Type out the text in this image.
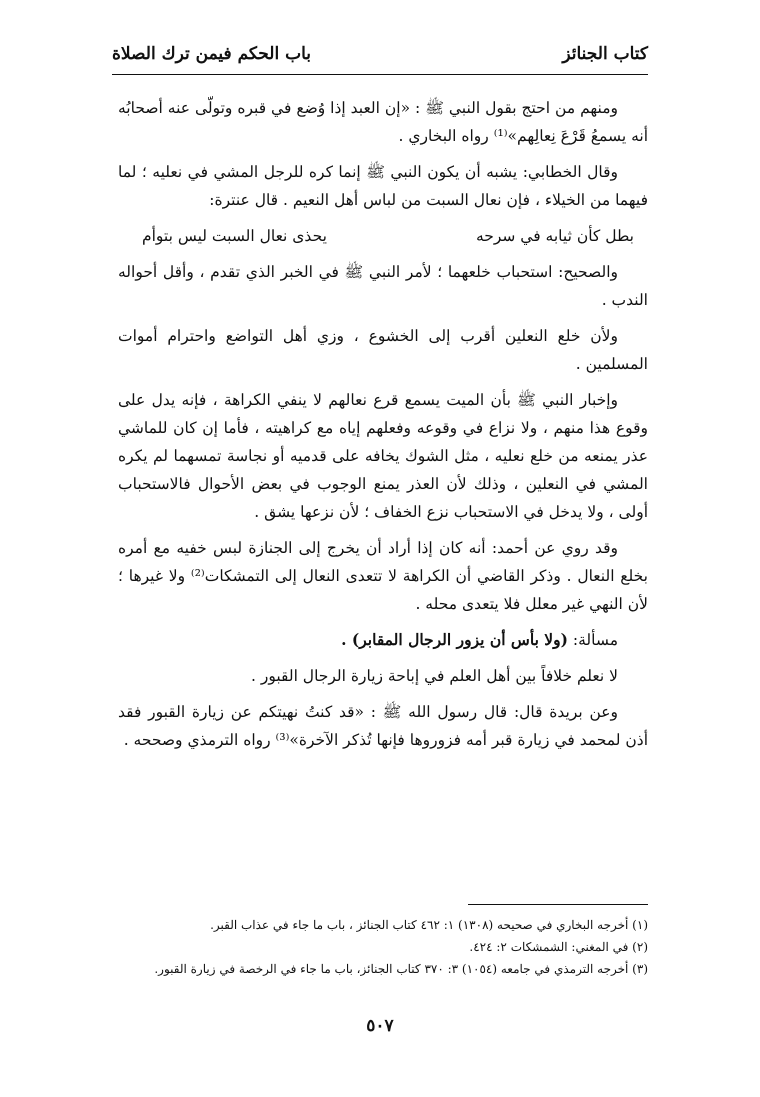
كتاب الجنائز
باب الحكم فيمن ترك الصلاة

ومنهم من احتج بقول النبي ﷺ : «إن العبد إذا وُضع في قبره وتولّى عنه أصحابُه أنه يسمعُ قَرْعَ نِعالِهم»⁽¹⁾ رواه البخاري .

وقال الخطابي: يشبه أن يكون النبي ﷺ إنما كره للرجل المشي في نعليه ؛ لما فيهما من الخيلاء ، فإن نعال السبت من لباس أهل النعيم . قال عنترة:

بطل كأن ثيابه في سرحه
يحذى نعال السبت ليس بتوأم

والصحيح: استحباب خلعهما ؛ لأمر النبي ﷺ في الخبر الذي تقدم ، وأقل أحواله الندب .

ولأن خلع النعلين أقرب إلى الخشوع ، وزي أهل التواضع واحترام أموات المسلمين .

وإخبار النبي ﷺ بأن الميت يسمع قرع نعالهم لا ينفي الكراهة ، فإنه يدل على وقوع هذا منهم ، ولا نزاع في وقوعه وفعلهم إياه مع كراهيته ، فأما إن كان للماشي عذر يمنعه من خلع نعليه ، مثل الشوك يخافه على قدميه أو نجاسة تمسهما لم يكره المشي في النعلين ، وذلك لأن العذر يمنع الوجوب في بعض الأحوال فالاستحباب أولى ، ولا يدخل في الاستحباب نزع الخفاف ؛ لأن نزعها يشق .

وقد روي عن أحمد: أنه كان إذا أراد أن يخرج إلى الجنازة لبس خفيه مع أمره بخلع النعال . وذكر القاضي أن الكراهة لا تتعدى النعال إلى التمشكات⁽²⁾ ولا غيرها ؛ لأن النهي غير معلل فلا يتعدى محله .

مسألة: (ولا بأس أن يزور الرجال المقابر) .

لا نعلم خلافاً بين أهل العلم في إباحة زيارة الرجال القبور .

وعن بريدة قال: قال رسول الله ﷺ : «قد كنتُ نهيتكم عن زيارة القبور فقد أذن لمحمد في زيارة قبر أمه فزوروها فإنها تُذكر الآخرة»⁽³⁾ رواه الترمذي وصححه .

(١) أخرجه البخاري في صحيحه (١٣٠٨) ١: ٤٦٢ كتاب الجنائز ، باب ما جاء في عذاب القبر.
(٢) في المغني: الشمشكات ٢: ٤٢٤.
(٣) أخرجه الترمذي في جامعه (١٠٥٤) ٣: ٣٧٠ كتاب الجنائز، باب ما جاء في الرخصة في زيارة القبور.
٥٠٧
